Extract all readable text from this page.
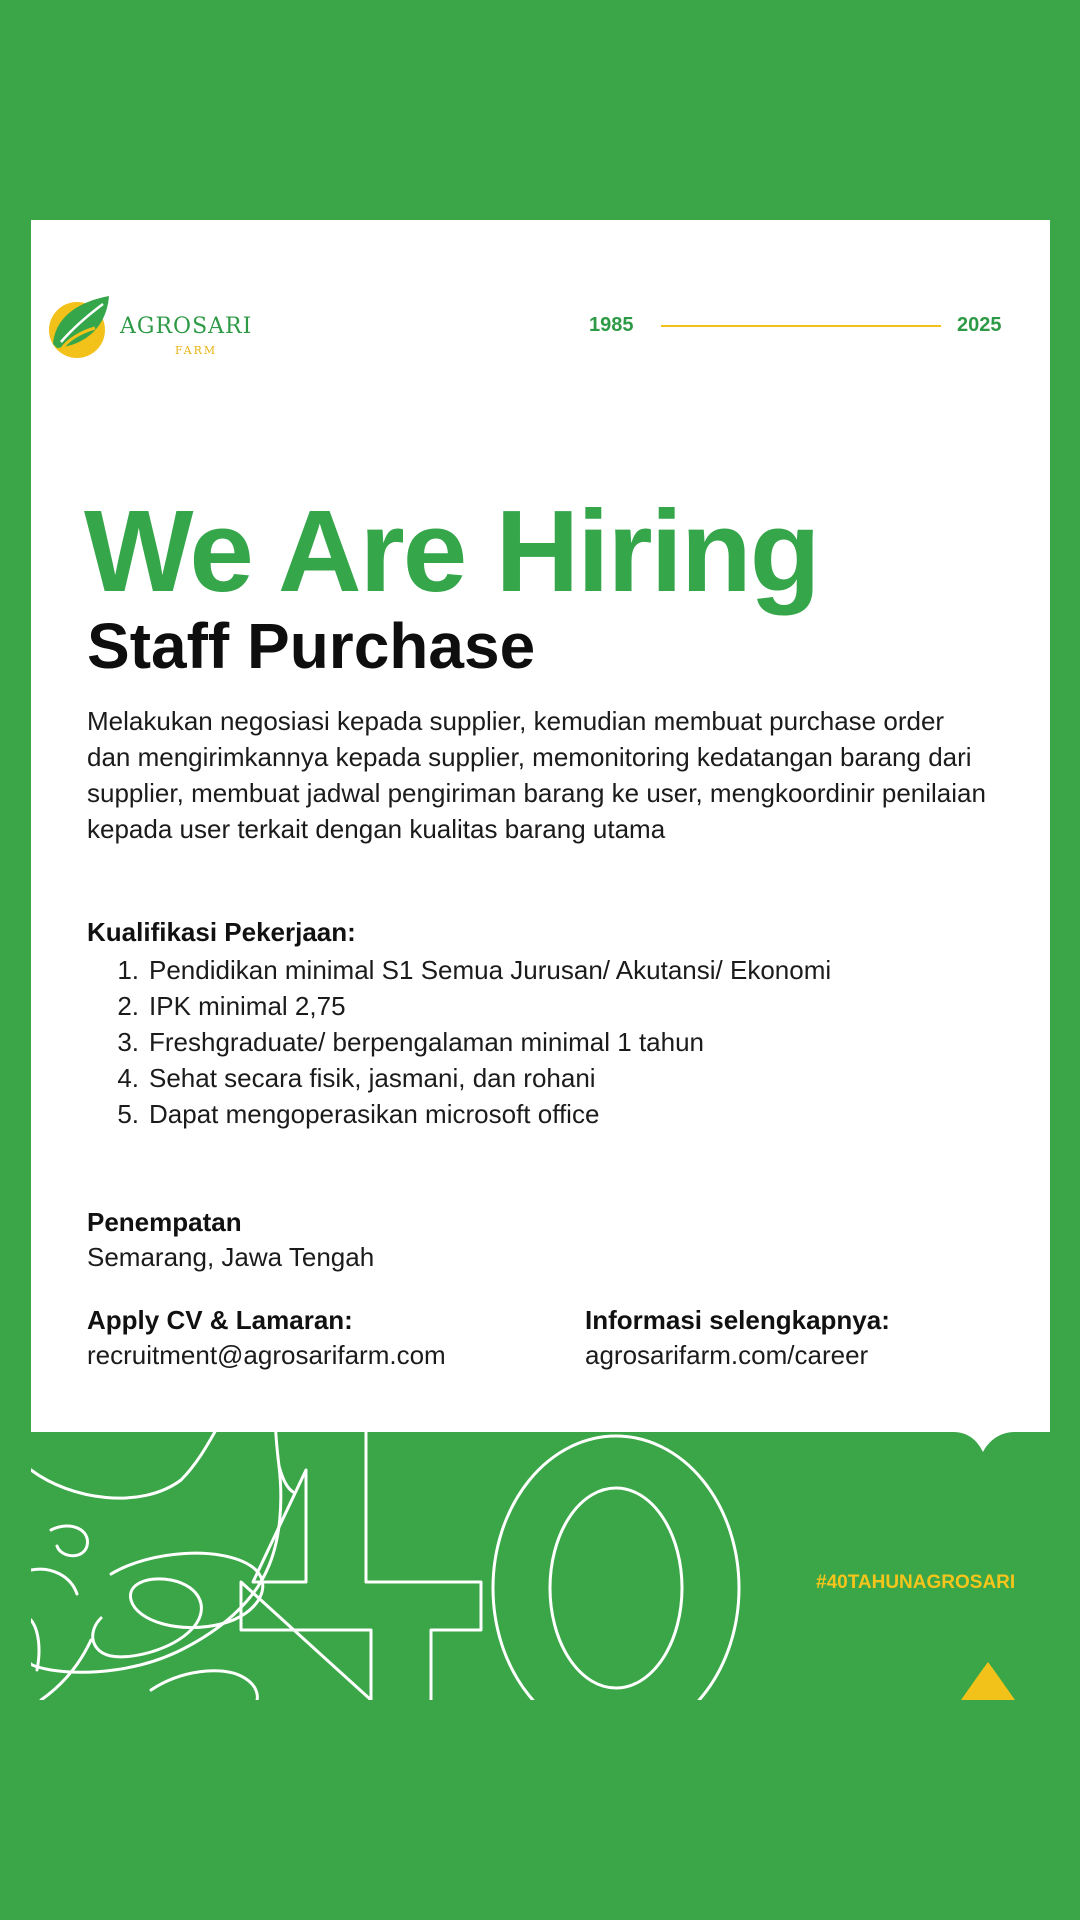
AGROSARI
FARM
1985	2025
We Are Hiring
Staff Purchase
Melakukan negosiasi kepada supplier, kemudian membuat purchase order dan mengirimkannya kepada supplier, memonitoring kedatangan barang dari supplier, membuat jadwal pengiriman barang ke user, mengkoordinir penilaian kepada user terkait dengan kualitas barang utama
Kualifikasi Pekerjaan:
1. Pendidikan minimal S1 Semua Jurusan/ Akutansi/ Ekonomi
2. IPK minimal 2,75
3. Freshgraduate/ berpengalaman minimal 1 tahun
4. Sehat secara fisik, jasmani, dan rohani
5. Dapat mengoperasikan microsoft office
Penempatan
Semarang, Jawa Tengah
Apply CV & Lamaran:
recruitment@agrosarifarm.com
Informasi selengkapnya:
agrosarifarm.com/career
#40TAHUNAGROSARI
